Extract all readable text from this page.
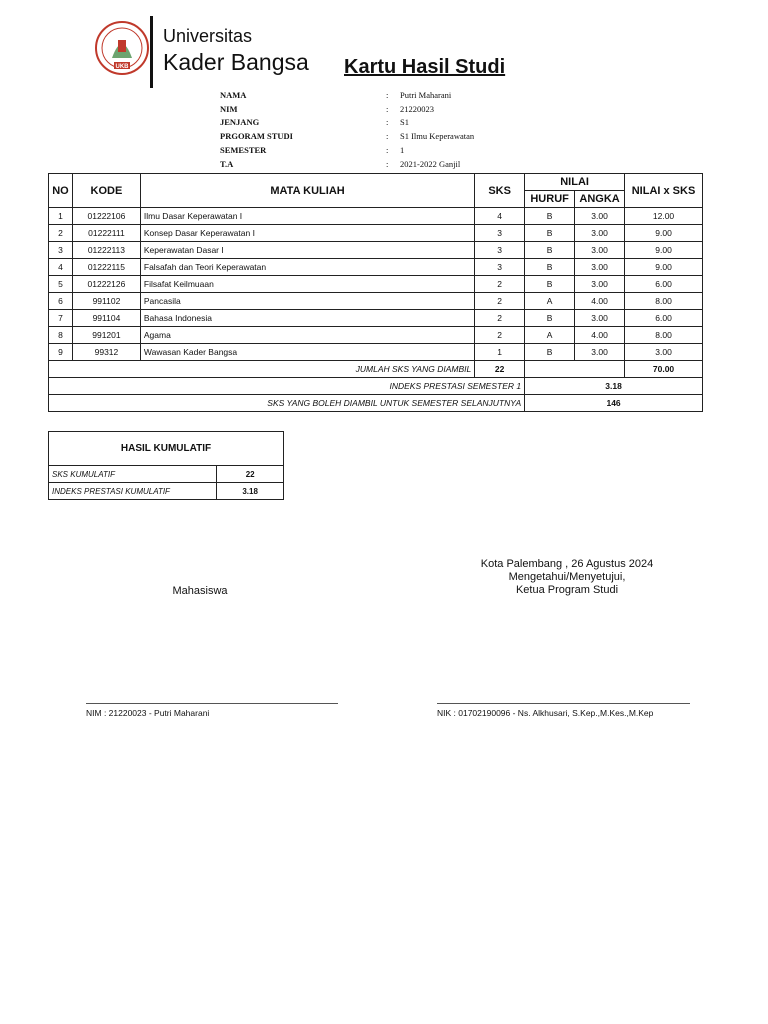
UKB
Universitas
Kader Bangsa Kartu Hasil Studi
NAMA	: Putri Maharani
NIM	: 21220023
JENJANG	: S1
PRGORAM STUDI	: S1 Ilmu Keperawatan
SEMESTER	: 1
T.A	: 2021-2022 Ganjil
NO	KODE	MATA KULIAH	SKS	NILAI		NILAI x SKS
				HURUF	ANGKA	
1	01222106	Ilmu Dasar Keperawatan I	4	B	3.00	12.00
2	01222111	Konsep Dasar Keperawatan I	3	B	3.00	9.00
3	01222113	Keperawatan Dasar I	3	B	3.00	9.00
4	01222115	Falsafah dan Teori Keperawatan	3	B	3.00	9.00
5	01222126	Filsafat Keilmuaan	2	B	3.00	6.00
6	991102	Pancasila	2	A	4.00	8.00
7	991104	Bahasa Indonesia	2	B	3.00	6.00
8	991201	Agama	2	A	4.00	8.00
9	99312	Wawasan Kader Bangsa	1	B	3.00	3.00
JUMLAH SKS YANG DIAMBIL			22			70.00
INDEKS PRESTASI SEMESTER 1				3.18		
SKS YANG BOLEH DIAMBIL UNTUK SEMESTER SELANJUTNYA				146		
HASIL KUMULATIF	
SKS KUMULATIF	22
INDEKS PRESTASI KUMULATIF	3.18
Kota Palembang , 26 Agustus 2024
Mengetahui/Menyetujui,
Ketua Program Studi
Mahasiswa
NIM : 21220023 - Putri Maharani	NIK : 01702190096 - Ns. Alkhusari, S.Kep.,M.Kes.,M.Kep
